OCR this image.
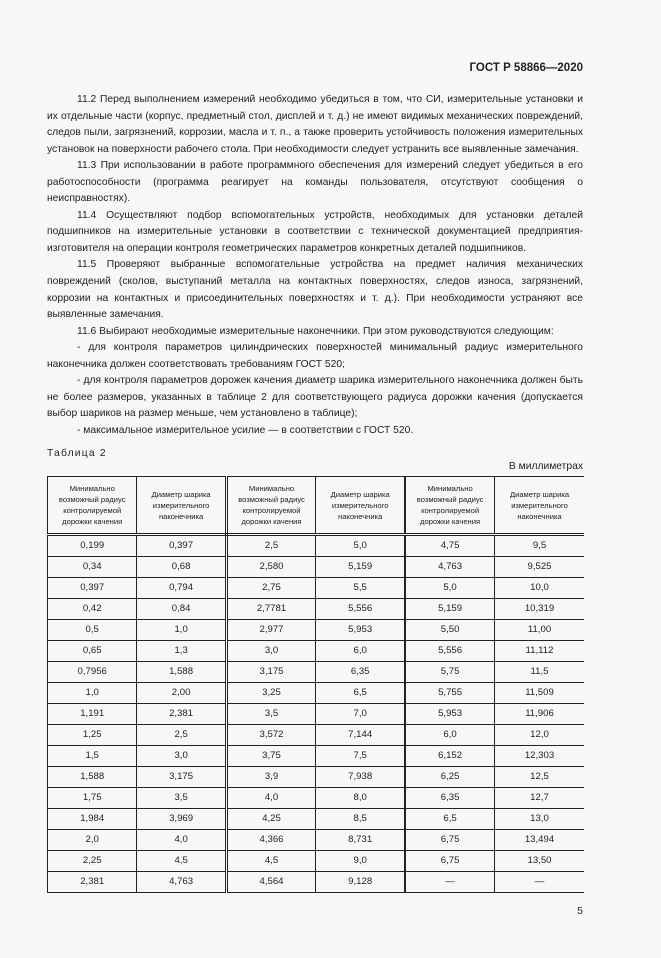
ГОСТ Р 58866—2020

11.2 Перед выполнением измерений необходимо убедиться в том, что СИ, измерительные установки и их отдельные части (корпус, предметный стол, дисплей и т. д.) не имеют видимых механических повреждений, следов пыли, загрязнений, коррозии, масла и т. п., а также проверить устойчивость положения измерительных установок на поверхности рабочего стола. При необходимости следует устранить все выявленные замечания.

11.3 При использовании в работе программного обеспечения для измерений следует убедиться в его работоспособности (программа реагирует на команды пользователя, отсутствуют сообщения о неисправностях).

11.4 Осуществляют подбор вспомогательных устройств, необходимых для установки деталей подшипников на измерительные установки в соответствии с технической документацией предприятия-изготовителя на операции контроля геометрических параметров конкретных деталей подшипников.

11.5 Проверяют выбранные вспомогательные устройства на предмет наличия механических повреждений (сколов, выступаний металла на контактных поверхностях, следов износа, загрязнений, коррозии на контактных и присоединительных поверхностях и т. д.). При необходимости устраняют все выявленные замечания.

11.6 Выбирают необходимые измерительные наконечники. При этом руководствуются следующим:

- для контроля параметров цилиндрических поверхностей минимальный радиус измерительного наконечника должен соответствовать требованиям ГОСТ 520;

- для контроля параметров дорожек качения диаметр шарика измерительного наконечника должен быть не более размеров, указанных в таблице 2 для соответствующего радиуса дорожки качения (допускается выбор шариков на размер меньше, чем установлено в таблице);

- максимальное измерительное усилие — в соответствии с ГОСТ 520.

Таблица 2
В миллиметрах
Минимально возможный радиус контролируемой дорожки качения	Диаметр шарика измерительного наконечника	Минимально возможный радиус контролируемой дорожки качения	Диаметр шарика измерительного наконечника	Минимально возможный радиус контролируемой дорожки качения	Диаметр шарика измерительного наконечника
0,199	0,397	2,5	5,0	4,75	9,5
0,34	0,68	2,580	5,159	4,763	9,525
0,397	0,794	2,75	5,5	5,0	10,0
0,42	0,84	2,7781	5,556	5,159	10,319
0,5	1,0	2,977	5,953	5,50	11,00
0,65	1,3	3,0	6,0	5,556	11,112
0,7956	1,588	3,175	6,35	5,75	11,5
1,0	2,00	3,25	6,5	5,755	11,509
1,191	2,381	3,5	7,0	5,953	11,906
1,25	2,5	3,572	7,144	6,0	12,0
1,5	3,0	3,75	7,5	6,152	12,303
1,588	3,175	3,9	7,938	6,25	12,5
1,75	3,5	4,0	8,0	6,35	12,7
1,984	3,969	4,25	8,5	6,5	13,0
2,0	4,0	4,366	8,731	6,75	13,494
2,25	4,5	4,5	9,0	6,75	13,50
2,381	4,763	4,564	9,128	—	—
5
